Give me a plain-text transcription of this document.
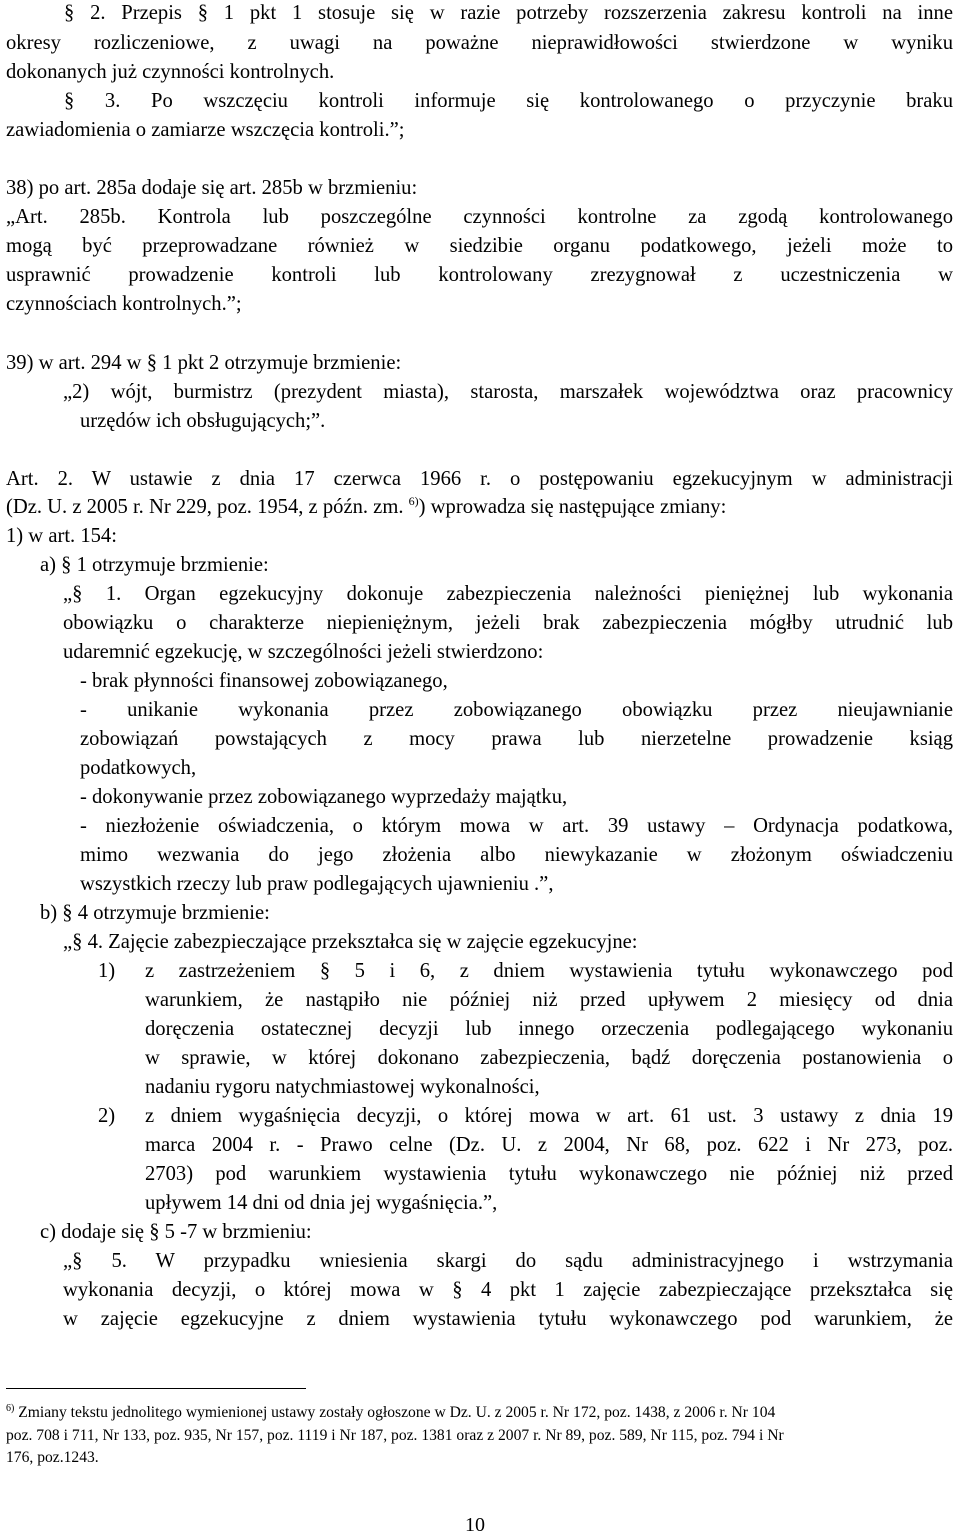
§ 2. Przepis § 1 pkt 1 stosuje się w razie potrzeby rozszerzenia zakresu kontroli na inne
okresy rozliczeniowe, z uwagi na poważne nieprawidłowości stwierdzone w wyniku
dokonanych już czynności kontrolnych.
§ 3. Po wszczęciu kontroli informuje się kontrolowanego o przyczynie braku
zawiadomienia o zamiarze wszczęcia kontroli.”;
38) po art. 285a dodaje się art. 285b w brzmieniu:
„Art. 285b. Kontrola lub poszczególne czynności kontrolne za zgodą kontrolowanego
mogą być przeprowadzane również w siedzibie organu podatkowego, jeżeli może to
usprawnić prowadzenie kontroli lub kontrolowany zrezygnował z uczestniczenia w
czynnościach kontrolnych.”;
39) w art. 294 w § 1 pkt 2 otrzymuje brzmienie:
„2) wójt, burmistrz (prezydent miasta), starosta, marszałek województwa oraz pracownicy
urzędów ich obsługujących;”.
Art. 2. W ustawie z dnia 17 czerwca 1966 r. o postępowaniu egzekucyjnym w administracji
(Dz. U. z 2005 r. Nr 229, poz. 1954, z późn. zm. $^{6)}$) wprowadza się następujące zmiany:
1) w art. 154:
a) § 1 otrzymuje brzmienie:
„§ 1. Organ egzekucyjny dokonuje zabezpieczenia należności pieniężnej lub wykonania
obowiązku o charakterze niepieniężnym, jeżeli brak zabezpieczenia mógłby utrudnić lub
udaremnić egzekucję, w szczególności jeżeli stwierdzono:
- brak płynności finansowej zobowiązanego,
- unikanie wykonania przez zobowiązanego obowiązku przez nieujawnianie
zobowiązań powstających z mocy prawa lub nierzetelne prowadzenie ksiąg
podatkowych,
- dokonywanie przez zobowiązanego wyprzedaży majątku,
- niezłożenie oświadczenia, o którym mowa w art. 39 ustawy – Ordynacja podatkowa,
mimo wezwania do jego złożenia albo niewykazanie w złożonym oświadczeniu
wszystkich rzeczy lub praw podlegających ujawnieniu .”,
b) § 4 otrzymuje brzmienie:
„§ 4. Zajęcie zabezpieczające przekształca się w zajęcie egzekucyjne:
1) z zastrzeżeniem § 5 i 6, z dniem wystawienia tytułu wykonawczego pod
warunkiem, że nastąpiło nie później niż przed upływem 2 miesięcy od dnia
doręczenia ostatecznej decyzji lub innego orzeczenia podlegającego wykonaniu
w sprawie, w której dokonano zabezpieczenia, bądź doręczenia postanowienia o
nadaniu rygoru natychmiastowej wykonalności,
2) z dniem wygaśnięcia decyzji, o której mowa w art. 61 ust. 3 ustawy z dnia 19
marca 2004 r. - Prawo celne (Dz. U. z 2004, Nr 68, poz. 622 i Nr 273, poz.
2703) pod warunkiem wystawienia tytułu wykonawczego nie później niż przed
upływem 14 dni od dnia jej wygaśnięcia.”,
c) dodaje się § 5 -7 w brzmieniu:
„§ 5. W przypadku wniesienia skargi do sądu administracyjnego i wstrzymania
wykonania decyzji, o której mowa w § 4 pkt 1 zajęcie zabezpieczające przekształca się
w zajęcie egzekucyjne z dniem wystawienia tytułu wykonawczego pod warunkiem, że
$^{6)}$ Zmiany tekstu jednolitego wymienionej ustawy zostały ogłoszone w Dz. U. z 2005 r. Nr 172, poz. 1438, z 2006 r. Nr 104
poz. 708 i 711, Nr 133, poz. 935, Nr 157, poz. 1119 i Nr 187, poz. 1381 oraz z 2007 r. Nr 89, poz. 589, Nr 115, poz. 794 i Nr
176, poz.1243.
10
